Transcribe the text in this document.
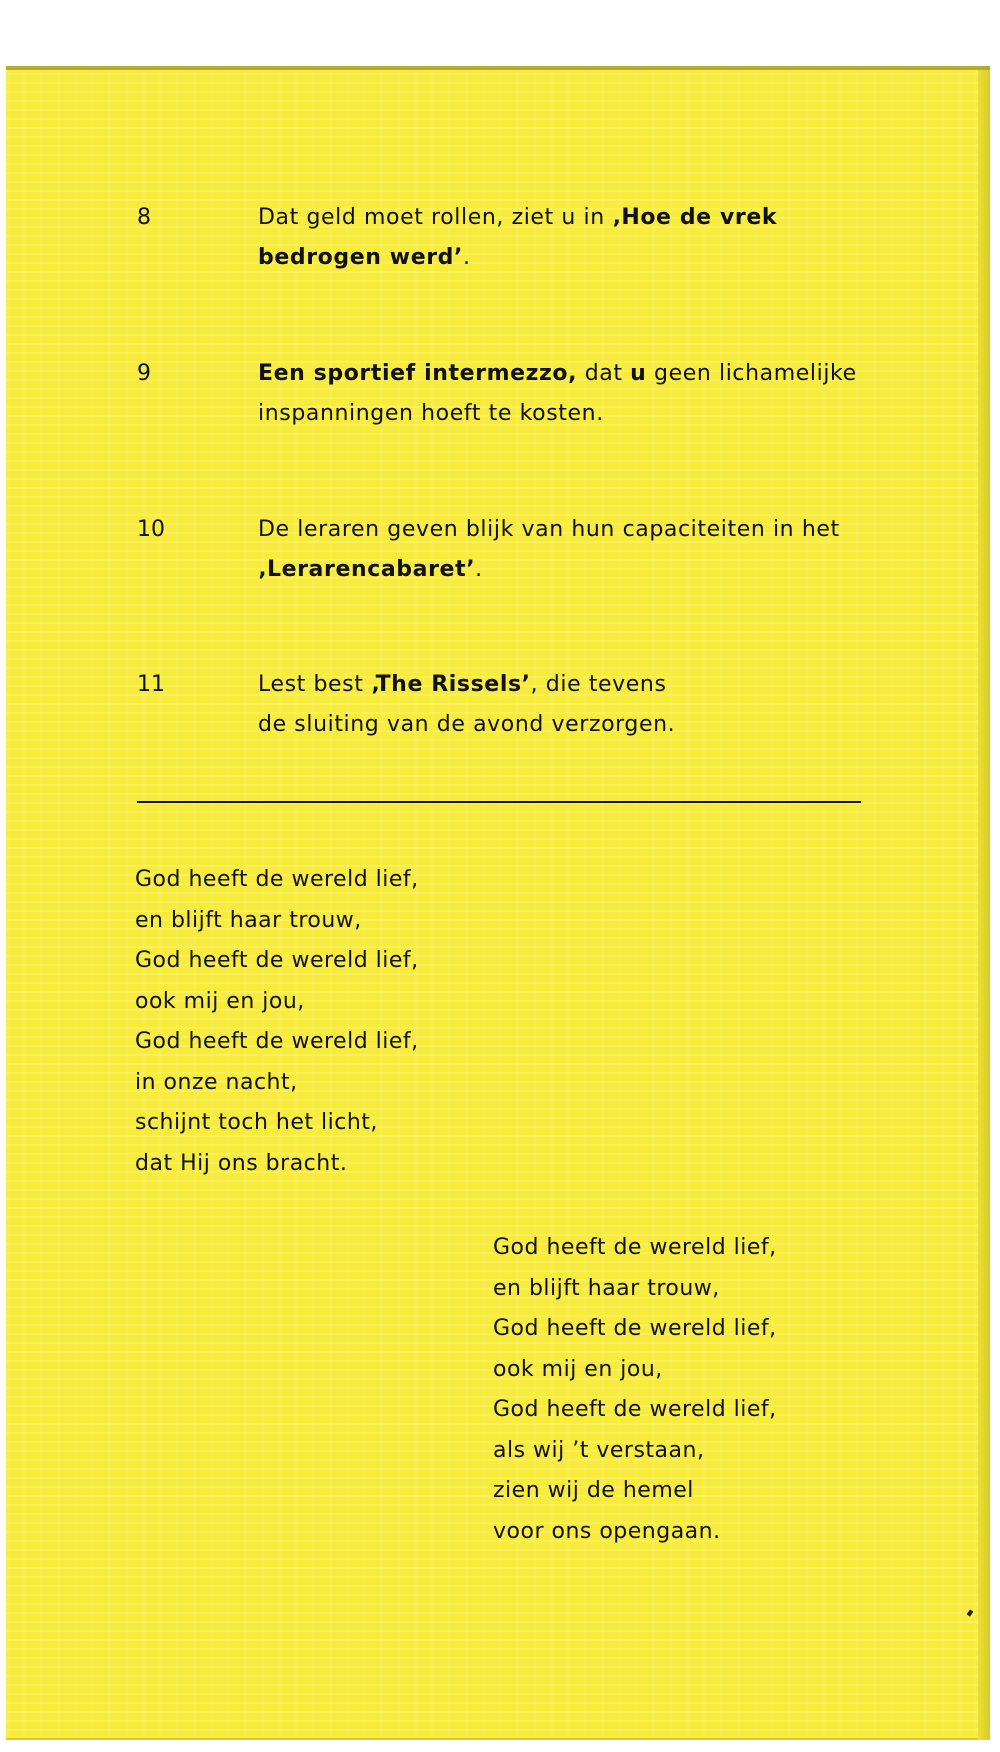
8	Dat geld moet rollen, ziet u in ‚Hoe de vrek
bedrogen werd’.
9	Een sportief intermezzo, dat u geen lichamelijke
inspanningen hoeft te kosten.
10	De leraren geven blijk van hun capaciteiten in het
‚Lerarencabaret’.
11	Lest best ‚The Rissels’, die tevens
de sluiting van de avond verzorgen.
God heeft de wereld lief,
en blijft haar trouw,
God heeft de wereld lief,
ook mij en jou,
God heeft de wereld lief,
in onze nacht,
schijnt toch het licht,
dat Hij ons bracht.
God heeft de wereld lief,
en blijft haar trouw,
God heeft de wereld lief,
ook mij en jou,
God heeft de wereld lief,
als wij ’t verstaan,
zien wij de hemel
voor ons opengaan.
